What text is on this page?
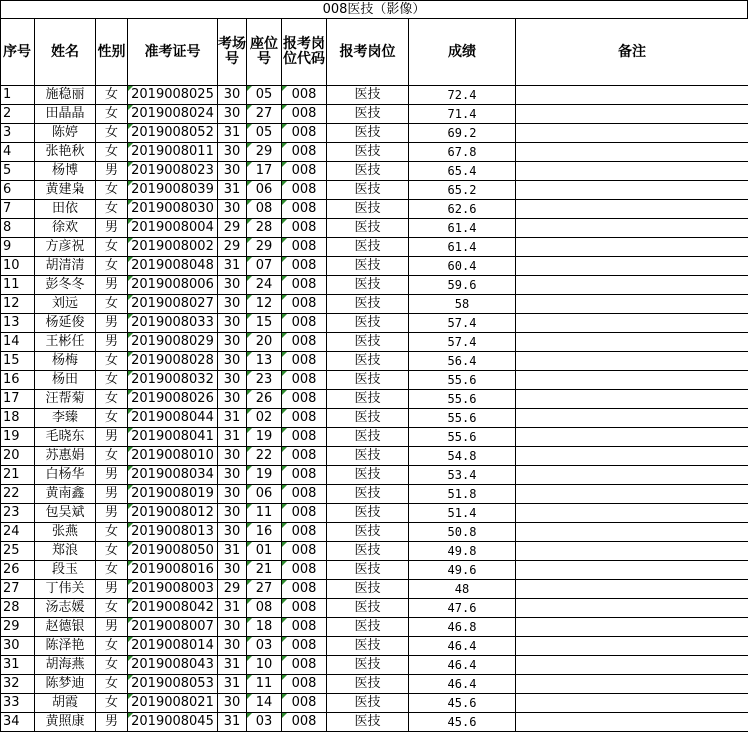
008医技（影像）
序号	姓名	性别	准考证号	考场号	座位号	报考岗位代码	报考岗位	成绩	备注
1	施稳丽	女	2019008025	30	05	008	医技	72.4	
2	田晶晶	女	2019008024	30	27	008	医技	71.4	
3	陈婷	女	2019008052	31	05	008	医技	69.2	
4	张艳秋	女	2019008011	30	29	008	医技	67.8	
5	杨博	男	2019008023	30	17	008	医技	65.4	
6	黄建枭	女	2019008039	31	06	008	医技	65.2	
7	田依	女	2019008030	30	08	008	医技	62.6	
8	徐欢	男	2019008004	29	28	008	医技	61.4	
9	方彦祝	女	2019008002	29	29	008	医技	61.4	
10	胡清清	女	2019008048	31	07	008	医技	60.4	
11	彭冬冬	男	2019008006	30	24	008	医技	59.6	
12	刘远	女	2019008027	30	12	008	医技	58	
13	杨延俊	男	2019008033	30	15	008	医技	57.4	
14	王彬任	男	2019008029	30	20	008	医技	57.4	
15	杨梅	女	2019008028	30	13	008	医技	56.4	
16	杨田	女	2019008032	30	23	008	医技	55.6	
17	汪帮菊	女	2019008026	30	26	008	医技	55.6	
18	李臻	女	2019008044	31	02	008	医技	55.6	
19	毛晓东	男	2019008041	31	19	008	医技	55.6	
20	苏惠娟	女	2019008010	30	22	008	医技	54.8	
21	白杨华	男	2019008034	30	19	008	医技	53.4	
22	黄南鑫	男	2019008019	30	06	008	医技	51.8	
23	包吴斌	男	2019008012	30	11	008	医技	51.4	
24	张燕	女	2019008013	30	16	008	医技	50.8	
25	郑浪	女	2019008050	31	01	008	医技	49.8	
26	段玉	女	2019008016	30	21	008	医技	49.6	
27	丁伟关	男	2019008003	29	27	008	医技	48	
28	汤志媛	女	2019008042	31	08	008	医技	47.6	
29	赵德银	男	2019008007	30	18	008	医技	46.8	
30	陈泽艳	女	2019008014	30	03	008	医技	46.4	
31	胡海燕	女	2019008043	31	10	008	医技	46.4	
32	陈梦迪	女	2019008053	31	11	008	医技	46.4	
33	胡霞	女	2019008021	30	14	008	医技	45.6	
34	黄照康	男	2019008045	31	03	008	医技	45.6	
